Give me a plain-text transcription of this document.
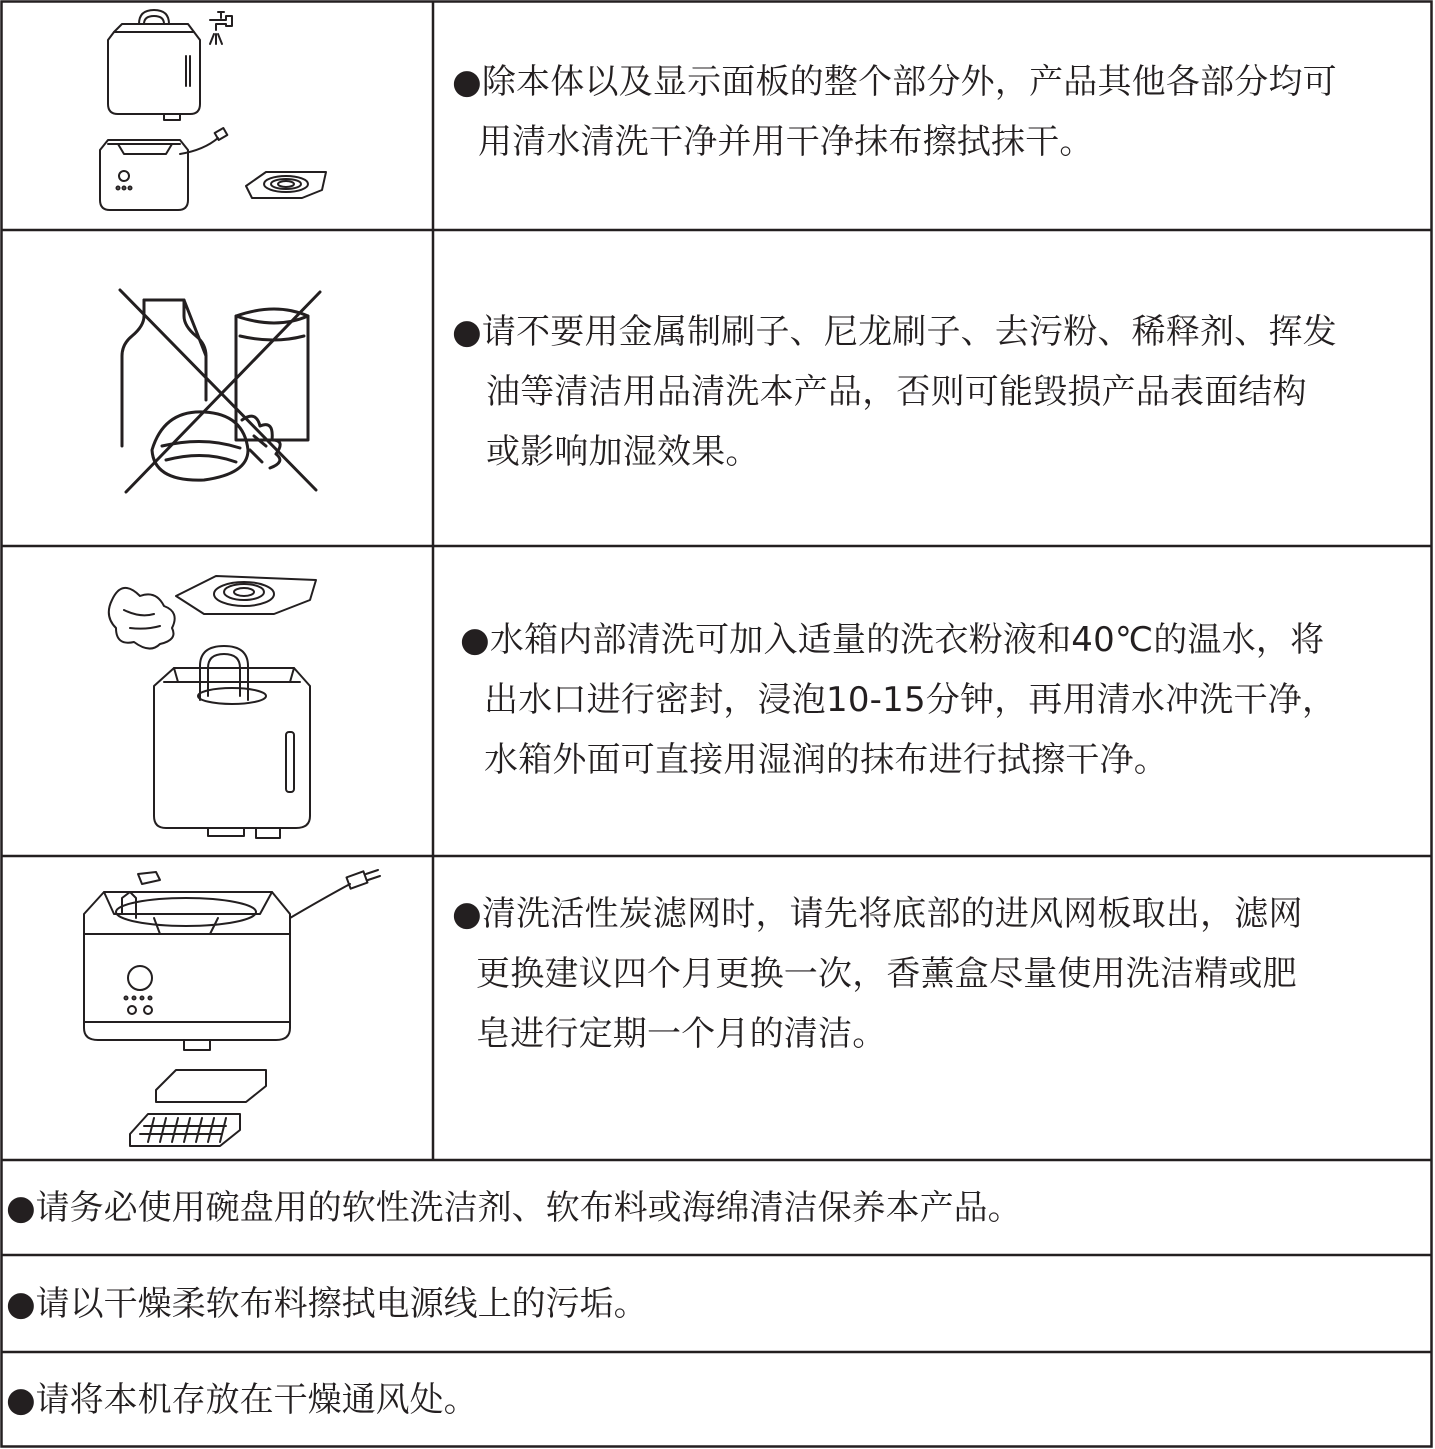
●除本体以及显示面板的整个部分外，产品其他各部分均可
用清水清洗干净并用干净抹布擦拭抹干。
●请不要用金属制刷子、尼龙刷子、去污粉、稀释剂、挥发
油等清洁用品清洗本产品，否则可能毁损产品表面结构
或影响加湿效果。
●水箱内部清洗可加入适量的洗衣粉液和40℃的温水，将
出水口进行密封，浸泡10-15分钟，再用清水冲洗干净，
水箱外面可直接用湿润的抹布进行拭擦干净。
●清洗活性炭滤网时，请先将底部的进风网板取出，滤网
更换建议四个月更换一次，香薰盒尽量使用洗洁精或肥
皂进行定期一个月的清洁。
●请务必使用碗盘用的软性洗洁剂、软布料或海绵清洁保养本产品。
●请以干燥柔软布料擦拭电源线上的污垢。
●请将本机存放在干燥通风处。
